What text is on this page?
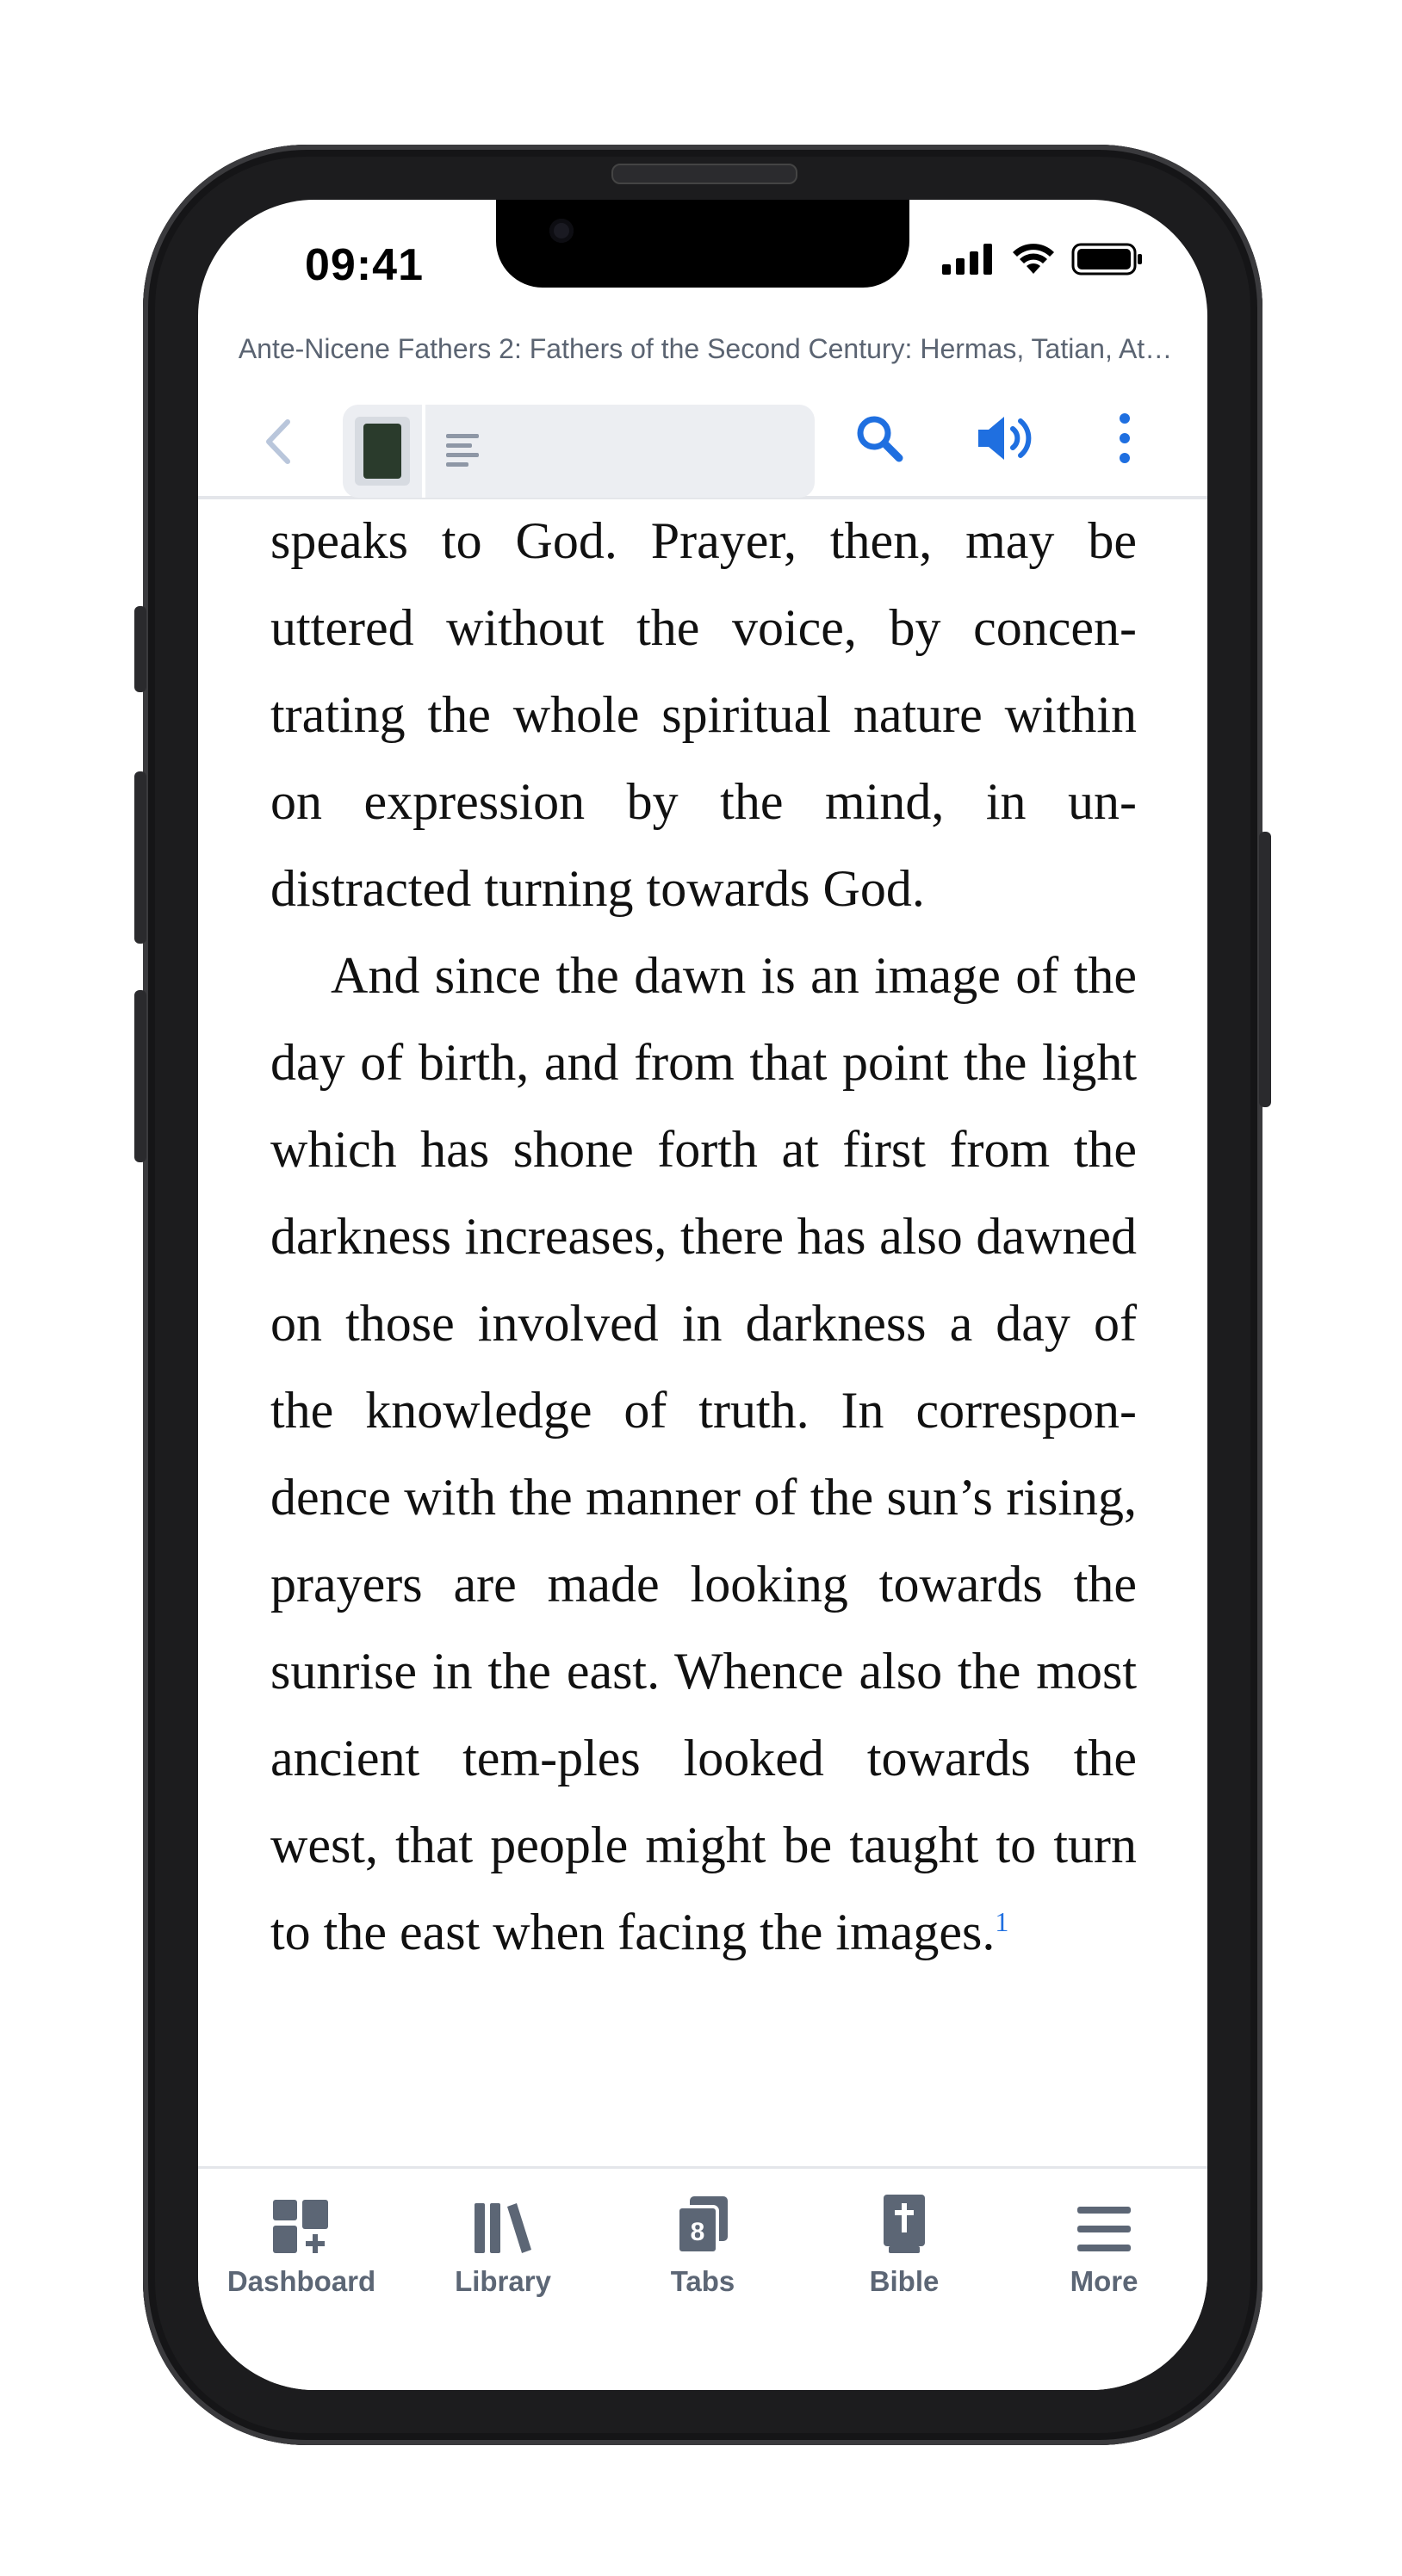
09:41
Ante-Nicene Fathers 2: Fathers of the Second Century: Hermas, Tatian, At…

speaks to God. Prayer, then, may be uttered without the voice, by concen-trating the whole spiritual nature within on expression by the mind, in un-distracted turning towards God.

And since the dawn is an image of the day of birth, and from that point the light which has shone forth at first from the darkness increases, there has also dawned on those involved in darkness a day of the knowledge of truth. In correspon-dence with the manner of the sun’s rising, prayers are made looking towards the sunrise in the east. Whence also the most ancient tem-ples looked towards the west, that people might be taught to turn to the east when facing the images.$^1$

Dashboard	Library
8
Tabs	Bible	More
